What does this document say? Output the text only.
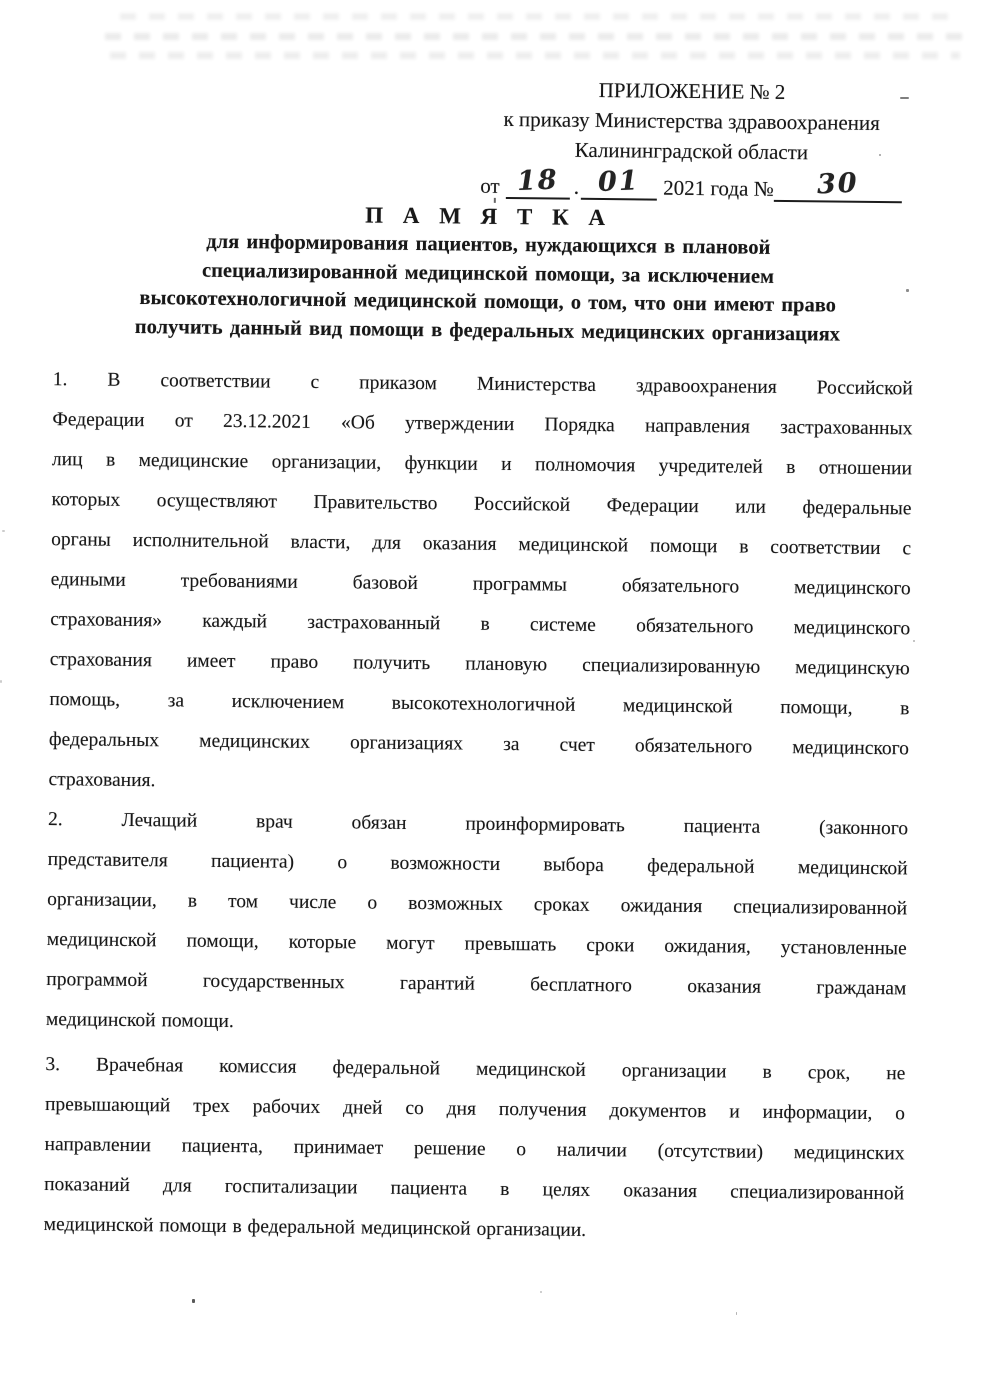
ПРИЛОЖЕНИЕ № 2
к приказу Министерства здравоохранения
Калининградской области
от 18 . 01	2021 года №	30
П А М Я Т К А
для информирования пациентов, нуждающихся в плановой
специализированной медицинской помощи, за исключением
высокотехнологичной медицинской помощи, о том, что они имеют право
получить данный вид помощи в федеральных медицинских организациях
1. В соответствии с приказом Министерства здравоохранения Российской
Федерации от 23.12.2021 «Об утверждении Порядка направления застрахованных
лиц в медицинские организации, функции и полномочия учредителей в отношении
которых осуществляют Правительство Российской Федерации или федеральные
органы исполнительной власти, для оказания медицинской помощи в соответствии с
едиными требованиями базовой программы обязательного медицинского
страхования» каждый застрахованный в системе обязательного медицинского
страхования имеет право получить плановую специализированную медицинскую
помощь, за исключением высокотехнологичной медицинской помощи, в
федеральных медицинских организациях за счет обязательного медицинского
страхования.
2. Лечащий врач обязан проинформировать пациента (законного
представителя пациента) о возможности выбора федеральной медицинской
организации, в том числе о возможных сроках ожидания специализированной
медицинской помощи, которые могут превышать сроки ожидания, установленные
программой государственных гарантий бесплатного оказания гражданам
медицинской помощи.
3. Врачебная комиссия федеральной медицинской организации в срок, не
превышающий трех рабочих дней со дня получения документов и информации, о
направлении пациента, принимает решение о наличии (отсутствии) медицинских
показаний для госпитализации пациента в целях оказания специализированной
медицинской помощи в федеральной медицинской организации.
